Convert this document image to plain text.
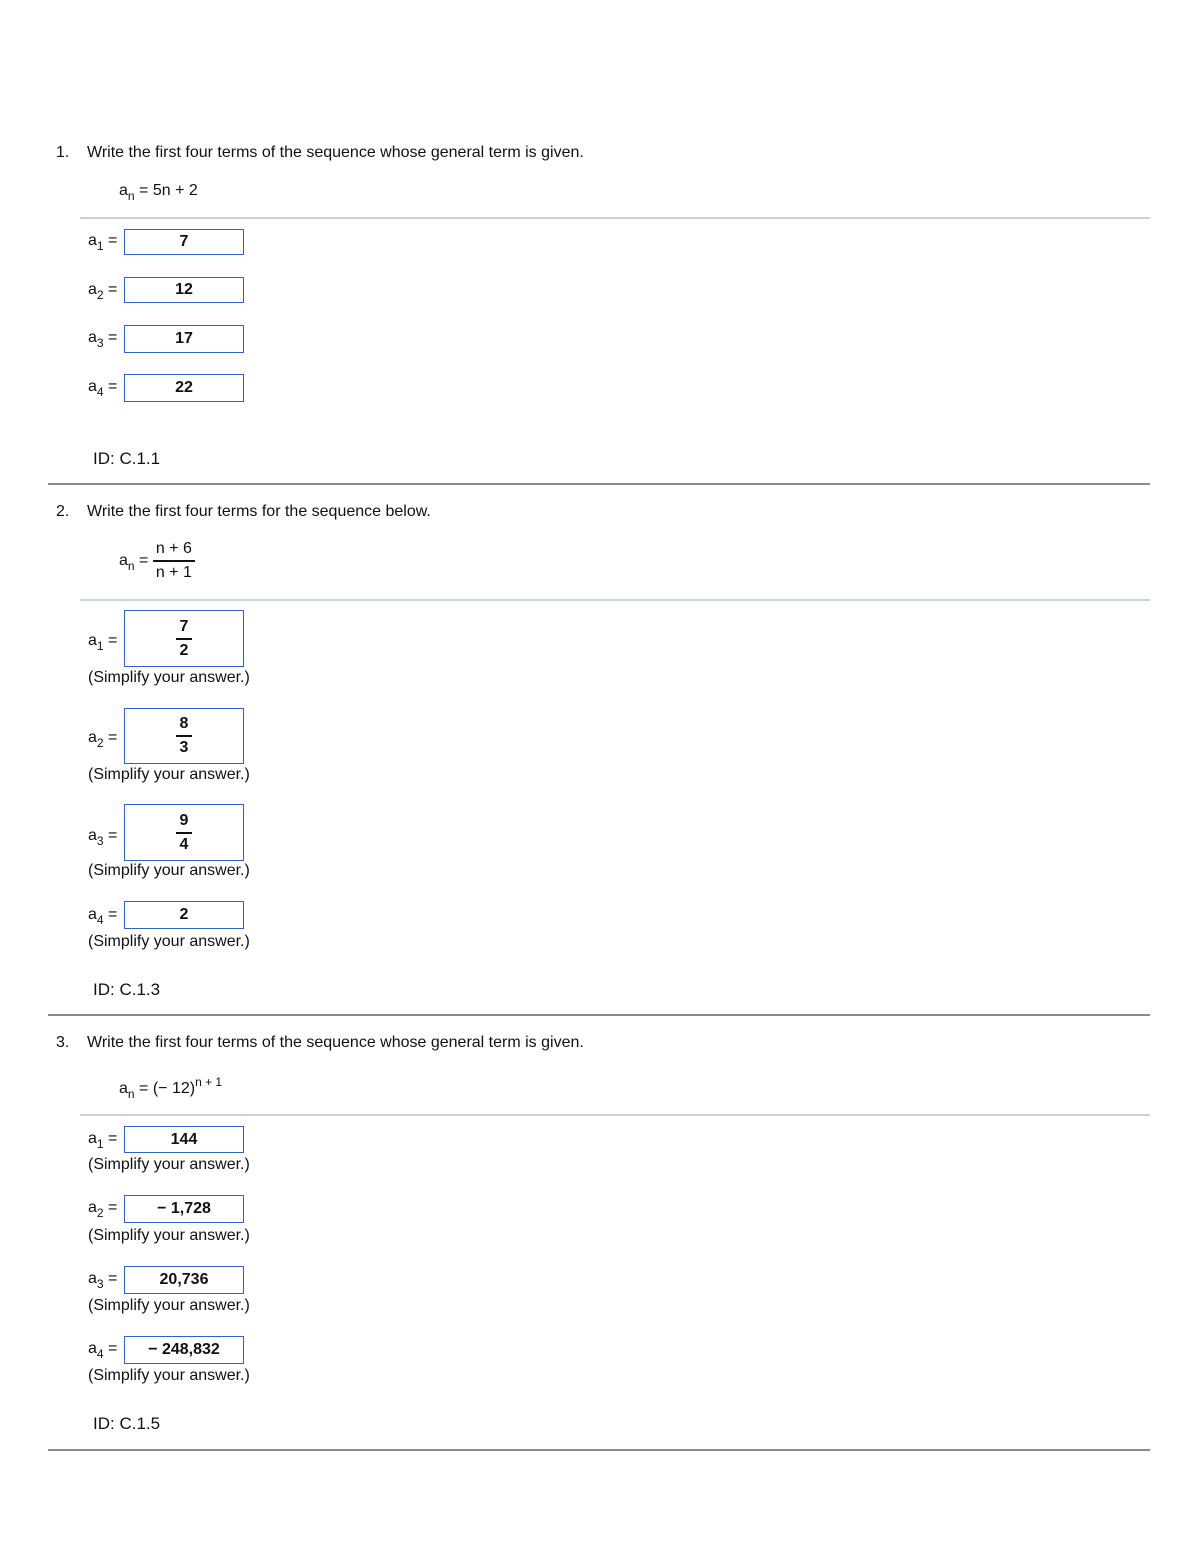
1. Write the first four terms of the sequence whose general term is given.
$a_n = 5n + 2$
$a_1$ =	7
$a_2$ =	12
$a_3$ =	17
$a_4$ =	22
ID: C.1.1
2. Write the first four terms for the sequence below.
$a_n = \frac{n + 6}{n + 1}$
$a_1$ =	$\frac{7}{2}$
(Simplify your answer.)
$a_2$ =	$\frac{8}{3}$
(Simplify your answer.)
$a_3$ =	$\frac{9}{4}$
(Simplify your answer.)
$a_4$ =	2
(Simplify your answer.)
ID: C.1.3
3. Write the first four terms of the sequence whose general term is given.
$a_n$ = (− 12)$^{n + 1}$
$a_1$ =	144
(Simplify your answer.)
$a_2$ = − 1,728
(Simplify your answer.)
$a_3$ =	20,736
(Simplify your answer.)
$a_4$ = − 248,832
(Simplify your answer.)
ID: C.1.5
